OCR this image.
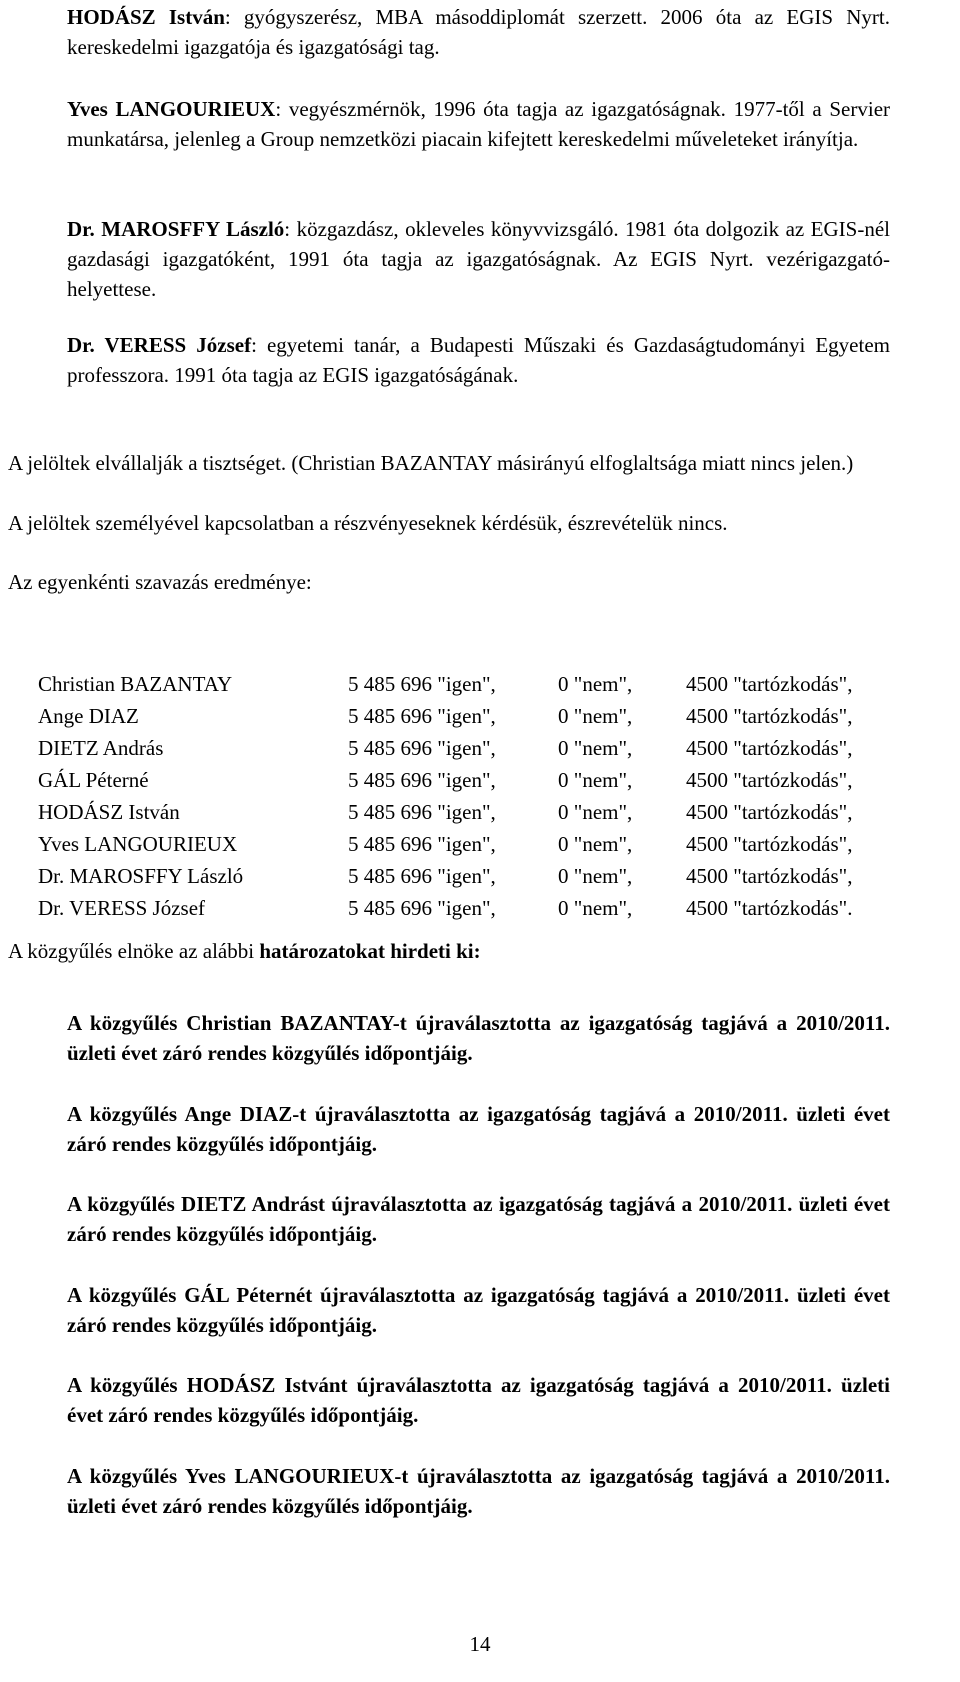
HODÁSZ István: gyógyszerész, MBA másoddiplomát szerzett. 2006 óta az EGIS Nyrt. kereskedelmi igazgatója és igazgatósági tag.

Yves LANGOURIEUX: vegyészmérnök, 1996 óta tagja az igazgatóságnak. 1977-től a Servier munkatársa, jelenleg a Group nemzetközi piacain kifejtett kereskedelmi műveleteket irányítja.

Dr. MAROSFFY László: közgazdász, okleveles könyvvizsgáló. 1981 óta dolgozik az EGIS-nél gazdasági igazgatóként, 1991 óta tagja az igazgatóságnak. Az EGIS Nyrt. vezérigazgató-helyettese.

Dr. VERESS József: egyetemi tanár, a Budapesti Műszaki és Gazdaságtudományi Egyetem professzora. 1991 óta tagja az EGIS igazgatóságának.

A jelöltek elvállalják a tisztséget. (Christian BAZANTAY másirányú elfoglaltsága miatt nincs jelen.)

A jelöltek személyével kapcsolatban a részvényeseknek kérdésük, észrevételük nincs.

Az egyenkénti szavazás eredménye:

Christian BAZANTAY	5 485 696 "igen",	0 "nem",	4500 "tartózkodás",
Ange DIAZ	5 485 696 "igen",	0 "nem",	4500 "tartózkodás",
DIETZ András	5 485 696 "igen",	0 "nem",	4500 "tartózkodás",
GÁL Péterné	5 485 696 "igen",	0 "nem",	4500 "tartózkodás",
HODÁSZ István	5 485 696 "igen",	0 "nem",	4500 "tartózkodás",
Yves LANGOURIEUX	5 485 696 "igen",	0 "nem",	4500 "tartózkodás",
Dr. MAROSFFY László	5 485 696 "igen",	0 "nem",	4500 "tartózkodás",
Dr. VERESS József	5 485 696 "igen",	0 "nem",	4500 "tartózkodás".

A közgyűlés elnöke az alábbi határozatokat hirdeti ki:

A közgyűlés Christian BAZANTAY-t újraválasztotta az igazgatóság tagjává a 2010/2011. üzleti évet záró rendes közgyűlés időpontjáig.

A közgyűlés Ange DIAZ-t újraválasztotta az igazgatóság tagjává a 2010/2011. üzleti évet záró rendes közgyűlés időpontjáig.

A közgyűlés DIETZ Andrást újraválasztotta az igazgatóság tagjává a 2010/2011. üzleti évet záró rendes közgyűlés időpontjáig.

A közgyűlés GÁL Péternét újraválasztotta az igazgatóság tagjává a 2010/2011. üzleti évet záró rendes közgyűlés időpontjáig.

A közgyűlés HODÁSZ Istvánt újraválasztotta az igazgatóság tagjává a 2010/2011. üzleti évet záró rendes közgyűlés időpontjáig.

A közgyűlés Yves LANGOURIEUX-t újraválasztotta az igazgatóság tagjává a 2010/2011. üzleti évet záró rendes közgyűlés időpontjáig.

14
